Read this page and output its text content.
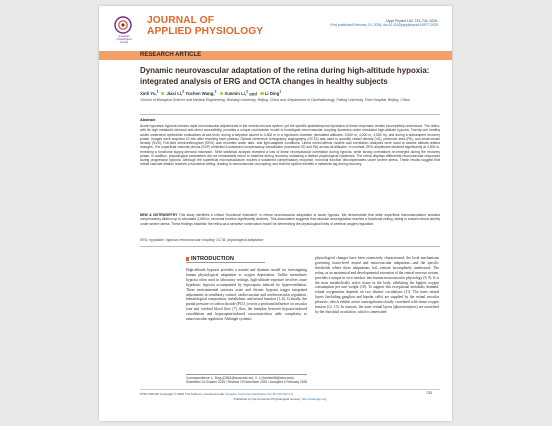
american
physiological
society
JOURNAL OF
APPLIED PHYSIOLOGY
J Appl Physiol 140: 733–744, 2026.
First published February 10, 2026; doi:10.1152/japplphysiol.00977.2025
RESEARCH ARTICLE
Dynamic neurovascular adaptation of the retina during high-altitude hypoxia: integrated analysis of ERG and OCTA changes in healthy subjects
Xinli Yu,$^1$ Jiaxi Li,$^2$ Yuchen Wang,$^2$ Xuemin Li,$^2$ and Li Ding$^1$
¹School of Biological Science and Medical Engineering, Beihang University, Beijing, China and ²Department of Ophthalmology, Peking University Third Hospital, Beijing, China
Abstract
Acute hypobaric hypoxia induces rapid neurovascular adjustments in the central nervous system, yet the specific spatiotemporal dynamics of these responses remain incompletely understood. The retina, with its high metabolic demand and direct accessibility, provides a unique noninvasive model to investigate neurovascular coupling dynamics under simulated high-altitude hypoxia. Twenty-one healthy adults underwent ophthalmic evaluations at sea level, during a stepwise ascent to 4,500 m in a hypobaric chamber (simulated altitudes: 3,500 m, 4,000 m, 4,500 m), and during a subsequent recovery phase. Images were acquired 10 min after reaching each plateau. Optical coherence tomography angiography (OCTA) was used to quantify vessel density (VD), perfusion area (PA), and small-vessel density (SVD). Full-field electroretinogram (ERG) was recorded under dark- and light-adapted conditions. Linear mixed-effects models and correlation analyses were used to assess altitude-related changes. The superficial vascular plexus (SVP) exhibited a sustained compensatory vasodilation (increased VD and PA) across all altitudes. In contrast, ERG amplitudes declined significantly at 4,500 m, revealing a functional supply-demand mismatch. Strict statistical analysis revealed a loss of linear neurovascular correlation during hypoxia, while strong correlations re-emerged during the recovery phase. In addition, physiological parameters did not immediately return to baseline during recovery, indicating a distinct physiological hysteresis. The retina displays differential neurovascular responses during progressive hypoxia. Although the superficial microvasculature mounts a sustained compensatory response, neuronal function decompensates under severe stress. These results suggest that retinal vascular dilation reaches a functional ceiling, leading to neurovascular uncoupling, and that the system exhibits a metabolic lag during recovery.
NEW & NOTEWORTHY This study identifies a critical "functional mismatch" in retinal neurovascular adaptation to acute hypoxia. We demonstrate that while superficial microvasculature sustains compensatory dilation up to simulated 4,500 m, neuronal function significantly declines. This dissociation suggests that vascular autoregulation reaches a functional ceiling, failing to sustain neural activity under severe stress. These findings establish the retina as a sensitive noninvasive model for determining the physiological limits of cerebral oxygen regulation.
ERG; hypobaric; hypoxia; neurovascular coupling; OCTA; physiological adaptation
INTRODUCTION
High-altitude hypoxia provides a natural and dynamic model for investigating human physiological adaptation to oxygen deprivation. Unlike normobaric hypoxia often used in laboratory settings, high-altitude exposure involves acute hypobaric hypoxia accompanied by hypocapnia induced by hyperventilation. These environmental stressors acute and chronic hypoxia trigger integrated adjustments in ventilatory control, cardiovascular and cerebrovascular regulation, hematological composition, metabolism, and neural function (1–6). Critically, the partial pressure of carbon dioxide (PCO₂) exerts a profound influence on vascular tone and cerebral blood flow (7), thus, the interplay between hypoxia-induced vasodilation and hypocapnia-induced vasoconstriction adds complexity to neurovascular regulation. Although systemic
physiological changes have been extensively characterized, the local mechanisms governing tissue-level neural and microvascular adaptation—and the specific thresholds where these adaptations fail—remain incompletely understood. The retina, as an anatomical and developmental extension of the central nervous system, provides a unique in vivo window into human neurovascular physiology (8, 9). It is the most metabolically active tissue in the body, exhibiting the highest oxygen consumption per unit weight (10). To support this exceptional metabolic demand, retinal oxygenation depends on two distinct circulations (11). The inner retinal layers (including ganglion and bipolar cells) are supplied by the retinal vascular plexuses, which exhibit active autoregulation closely correlated with tissue oxygen tension (12, 13). In contrast, the outer retinal layers (photoreceptors) are nourished by the choroidal circulation, which is innervated
Correspondence: L. Ding (DING@buaa.edu.cn); X. Li (lxmlxm66@sina.com).
Submitted 14 October 2025 / Revised 19 November 2025 / Accepted 4 February 2026
8750-7587/26 Copyright © 2026 The Authors. Licensed under Creative Commons Attribution CC-BY-NC-ND 4.0.
Published by the American Physiological Society. http://www.jap.org
733
